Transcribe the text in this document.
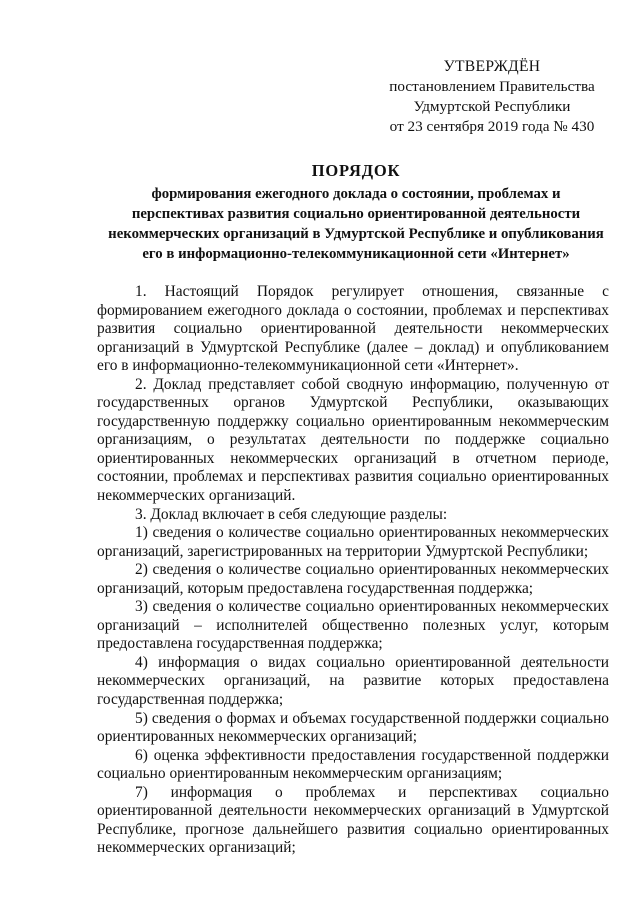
УТВЕРЖДЁН
постановлением Правительства
Удмуртской Республики
от 23 сентября 2019 года № 430
ПОРЯДОК
формирования ежегодного доклада о состоянии, проблемах и перспективах развития социально ориентированной деятельности некоммерческих организаций в Удмуртской Республике и опубликования его в информационно-телекоммуникационной сети «Интернет»

1. Настоящий Порядок регулирует отношения, связанные с формированием ежегодного доклада о состоянии, проблемах и перспективах развития социально ориентированной деятельности некоммерческих организаций в Удмуртской Республике (далее – доклад) и опубликованием его в информационно-телекоммуникационной сети «Интернет».

2. Доклад представляет собой сводную информацию, полученную от государственных органов Удмуртской Республики, оказывающих государственную поддержку социально ориентированным некоммерческим организациям, о результатах деятельности по поддержке социально ориентированных некоммерческих организаций в отчетном периоде, состоянии, проблемах и перспективах развития социально ориентированных некоммерческих организаций.

3. Доклад включает в себя следующие разделы:

1) сведения о количестве социально ориентированных некоммерческих организаций, зарегистрированных на территории Удмуртской Республики;

2) сведения о количестве социально ориентированных некоммерческих организаций, которым предоставлена государственная поддержка;

3) сведения о количестве социально ориентированных некоммерческих организаций – исполнителей общественно полезных услуг, которым предоставлена государственная поддержка;

4) информация о видах социально ориентированной деятельности некоммерческих организаций, на развитие которых предоставлена государственная поддержка;

5) сведения о формах и объемах государственной поддержки социально ориентированных некоммерческих организаций;

6) оценка эффективности предоставления государственной поддержки социально ориентированным некоммерческим организациям;

7) информация о проблемах и перспективах социально ориентированной деятельности некоммерческих организаций в Удмуртской Республике, прогнозе дальнейшего развития социально ориентированных некоммерческих организаций;
